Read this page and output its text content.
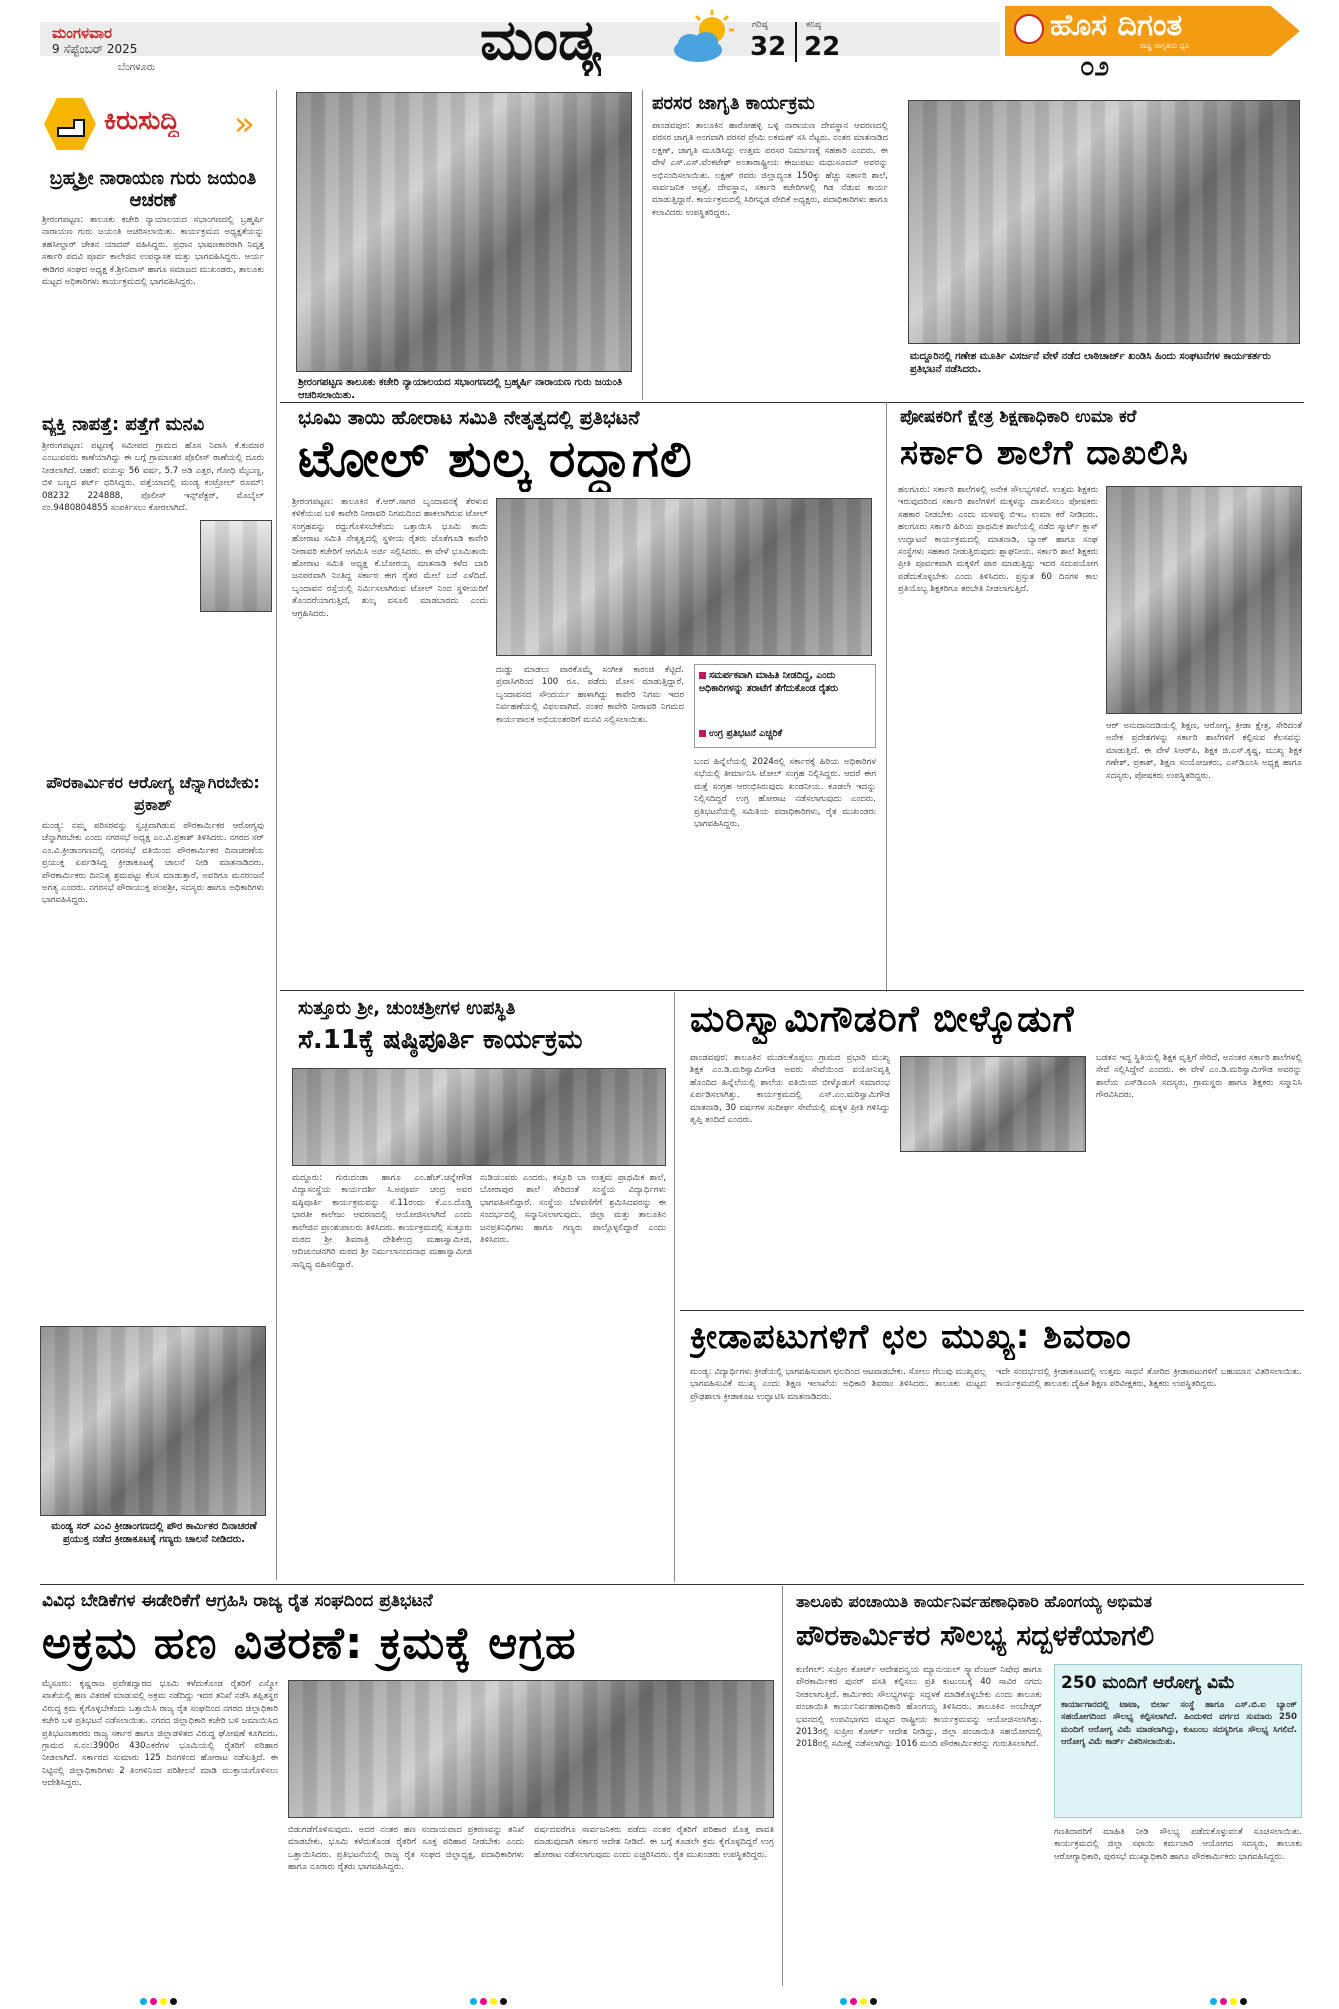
ಮಂಗಳವಾರ
9 ಸೆಪ್ಟೆಂಬರ್ 2025
ಬೆಂಗಳೂರು	ಮಂಡ್ಯ	ಗರಿಷ್ಠ
32
ಕನಿಷ್ಠ
22
ಹೊಸ ದಿಗಂತ
ರಾಷ್ಟ್ರ ಜಾಗೃತಿಯ ಧ್ವನಿ
೦೨
ಕಿರುಸುದ್ದಿ »
ಬ್ರಹ್ಮಶ್ರೀ ನಾರಾಯಣ ಗುರು ಜಯಂತಿ ಆಚರಣೆ
ಶ್ರೀರಂಗಪಟ್ಟಣ: ತಾಲೂಕು ಕಚೇರಿ ನ್ಯಾಯಾಲಯದ ಸಭಾಂಗಣದಲ್ಲಿ ಬ್ರಹ್ಮರ್ಷಿ ನಾರಾಯಣ ಗುರು ಜಯಂತಿ ಆಚರಿಸಲಾಯಿತು. ಕಾರ್ಯಕ್ರಮದ ಅಧ್ಯಕ್ಷತೆಯನ್ನು ತಹಸೀಲ್ದಾರ್ ಚೇತನ ಯಾದವ್ ವಹಿಸಿದ್ದರು. ಪ್ರಧಾನ ಭಾಷಣಕಾರರಾಗಿ ನಿವೃತ್ತ ಸರ್ಕಾರಿ ಪದವಿ ಪೂರ್ವ ಕಾಲೇಜಿನ ಉಪನ್ಯಾಸಕ ಮತ್ತು ಭಾಗವಹಿಸಿದ್ದರು. ಆರ್ಯ ಈಡಿಗರ ಸಂಘದ ಅಧ್ಯಕ್ಷ ಕೆ.ಶ್ರೀನಿವಾಸ್ ಹಾಗೂ ಸಮಾಜದ ಮುಖಂಡರು, ತಾಲೂಕು ಮಟ್ಟದ ಅಧಿಕಾರಿಗಳು ಕಾರ್ಯಕ್ರಮದಲ್ಲಿ ಭಾಗವಹಿಸಿದ್ದರು.
ವ್ಯಕ್ತಿ ನಾಪತ್ತೆ: ಪತ್ತೆಗೆ ಮನವಿ
ಶ್ರೀರಂಗಪಟ್ಟಣ: ಪಟ್ಟಣಕ್ಕೆ ಸಮೀಪದ ಗ್ರಾಮದ ಹೊಸ ನಿವಾಸಿ ಕೆ.ಕುಮಾರ ಎಂಬುವವರು ಕಾಣೆಯಾಗಿದ್ದು ಈ ಬಗ್ಗೆ ಗ್ರಾಮಾಂತರ ಪೊಲೀಸ್ ಠಾಣೆಯಲ್ಲಿ ದೂರು ನೀಡಲಾಗಿದೆ. ಚಹರೆ: ವಯಸ್ಸು 56 ವರ್ಷ, 5.7 ಅಡಿ ಎತ್ತರ, ಗೋಧಿ ಮೈಬಣ್ಣ, ಬಿಳಿ ಬಣ್ಣದ ಶರ್ಟ್ ಧರಿಸಿದ್ದರು. ಪತ್ತೆಯಾದಲ್ಲಿ ಮಂಡ್ಯ ಕಂಟ್ರೋಲ್ ರೂಮ್: 08232 224888, ಪೊಲೀಸ್ ಇನ್ಸ್‌ಪೆಕ್ಟರ್, ಮೊಬೈಲ್ ನಂ.9480804855 ಸಂಪರ್ಕಿಸಲು ಕೋರಲಾಗಿದೆ.
ಪೌರಕಾರ್ಮಿಕರ ಆರೋಗ್ಯ ಚೆನ್ನಾಗಿರಬೇಕು: ಪ್ರಕಾಶ್
ಮಂಡ್ಯ: ನಮ್ಮ ಪರಿಸರವನ್ನು ಸ್ವಚ್ಛವಾಗಿಡುವ ಪೌರಕಾರ್ಮಿಕರ ಆರೋಗ್ಯವು ಚೆನ್ನಾಗಿರಬೇಕು ಎಂದು ನಗರಸಭೆ ಅಧ್ಯಕ್ಷ ಎಂ.ವಿ.ಪ್ರಕಾಶ್ ತಿಳಿಸಿದರು. ನಗರದ ಸರ್ ಎಂ.ವಿ.ಕ್ರೀಡಾಂಗಣದಲ್ಲಿ ನಗರಸಭೆ ವತಿಯಿಂದ ಪೌರಕಾರ್ಮಿಕರ ದಿನಾಚರಣೆಯ ಪ್ರಯುಕ್ತ ಏರ್ಪಡಿಸಿದ್ದ ಕ್ರೀಡಾಕೂಟಕ್ಕೆ ಚಾಲನೆ ನೀಡಿ ಮಾತನಾಡಿದರು. ಪೌರಕಾರ್ಮಿಕರು ದಿನನಿತ್ಯ ಶ್ರಮಪಟ್ಟು ಕೆಲಸ ಮಾಡುತ್ತಾರೆ, ಅವರಿಗೂ ಮನರಂಜನೆ ಅಗತ್ಯ ಎಂದರು. ನಗರಸಭೆ ಪೌರಾಯುಕ್ತ ಪಂಪಶ್ರೀ, ಸದಸ್ಯರು ಹಾಗೂ ಅಧಿಕಾರಿಗಳು ಭಾಗವಹಿಸಿದ್ದರು.
ಮಂಡ್ಯ ಸರ್ ಎಂವಿ ಕ್ರೀಡಾಂಗಣದಲ್ಲಿ ಪೌರ ಕಾರ್ಮಿಕರ ದಿನಾಚರಣೆ ಪ್ರಯುಕ್ತ ನಡೆದ ಕ್ರೀಡಾಕೂಟಕ್ಕೆ ಗಣ್ಯರು ಚಾಲನೆ ನೀಡಿದರು.
ಶ್ರೀರಂಗಪಟ್ಟಣ ತಾಲೂಕು ಕಚೇರಿ ನ್ಯಾಯಾಲಯದ ಸಭಾಂಗಣದಲ್ಲಿ ಬ್ರಹ್ಮರ್ಷಿ ನಾರಾಯಣ ಗುರು ಜಯಂತಿ ಆಚರಿಸಲಾಯಿತು.
ಪರಸರ ಜಾಗೃತಿ ಕಾರ್ಯಕ್ರಮ
ಪಾಂಡವಪುರ: ತಾಲೂಕಿನ ಹಾರೋಹಳ್ಳಿ ಬಳ್ಳಿ ನಾರಾಯಣ ದೇವಸ್ಥಾನ ಆವರಣದಲ್ಲಿ ಪರಸರ ಜಾಗೃತಿ ಅಂಗವಾಗಿ ಪರಸರ ಪ್ರೇಮಿ ಲಕಮಣ್ ಸಸಿ ನೆಟ್ಟರು. ನಂತರ ಮಾತನಾಡಿದ ಲಕ್ಷಣ್, ಜಾಗೃತಿ ಮೂಡಿಸಿದ್ದು ಉತ್ತಮ ಪರಸರ ನಿರ್ಮಾಣಕ್ಕೆ ಸಹಕಾರಿ ಎಂದರು. ಈ ವೇಳೆ ಎಸ್.ಎಸ್.ವೆಂಕಟೇಶ್ ಅಂತಾರಾಷ್ಟ್ರೀಯ ಈಜುಪಟು ಮಧುಸೂದನ್ ಅವರನ್ನು ಅಭಿನಂದಿಸಲಾಯಿತು. ಲಕ್ಷಣ್ ರವರು ಜಿಲ್ಲಾದ್ಯಂತ 150ಕ್ಕು ಹೆಚ್ಚು ಸರ್ಕಾರಿ ಶಾಲೆ, ಸಾರ್ವಜನಿಕ ಆಸ್ಪತ್ರೆ, ದೇವಸ್ಥಾನ, ಸರ್ಕಾರಿ ಕಚೇರಿಗಳಲ್ಲಿ ಗಿಡ ನೆಡುವ ಕಾರ್ಯ ಮಾಡುತ್ತಿದ್ದಾರೆ. ಕಾರ್ಯಕ್ರಮದಲ್ಲಿ ಸಿರಿಗನ್ನಡ ವೇದಿಕೆ ಅಧ್ಯಕ್ಷರು, ಪದಾಧಿಕಾರಿಗಳು ಹಾಗೂ ಕಲಾವಿದರು ಉಪಸ್ಥಿತರಿದ್ದರು.
ಮದ್ದೂರಿನಲ್ಲಿ ಗಣೇಶ ಮೂರ್ತಿ ವಿಸರ್ಜನೆ ವೇಳೆ ನಡೆದ ಲಾಠಿಚಾರ್ಜ್ ಖಂಡಿಸಿ ಹಿಂದು ಸಂಘಟನೆಗಳ ಕಾರ್ಯಕರ್ತರು ಪ್ರತಿಭಟನೆ ನಡೆಸಿದರು.
ಭೂಮಿ ತಾಯಿ ಹೋರಾಟ ಸಮಿತಿ ನೇತೃತ್ವದಲ್ಲಿ ಪ್ರತಿಭಟನೆ
ಟೋಲ್ ಶುಲ್ಕ ರದ್ದಾಗಲಿ
ಶ್ರೀರಂಗಪಟ್ಟಣ: ತಾಲೂಕಿನ ಕೆ.ಆರ್.ಸಾಗರ ಬೃಂದಾವನಕ್ಕೆ ತೆರಳುವ ಕಳಿಕೆಯುವ ಬಳಿ ಕಾವೇರಿ ನೀರಾವರಿ ನಿಗಮದಿಂದ ಹಾಕಲಾಗಿರುವ ಟೋಲ್ ಸಂಗ್ರಹವನ್ನು ರದ್ದುಗೊಳಿಸಬೇಕೆಂದು ಒತ್ತಾಯಿಸಿ ಭೂಮಿ ತಾಯಿ ಹೋರಾಟ ಸಮಿತಿ ನೇತೃತ್ವದಲ್ಲಿ ಸ್ಥಳೀಯ ರೈತರು ಜೊತೆಗೂಡಿ ಕಾವೇರಿ ನೀರಾವರಿ ಕಚೇರಿಗೆ ಆಗಮಿಸಿ ಅರ್ಜಿ ಸಲ್ಲಿಸಿದರು. ಈ ವೇಳೆ ಭೂಮಿತಾಯಿ ಹೋರಾಟ ಸಮಿತಿ ಅಧ್ಯಕ್ಷ ಕೆ.ಬೋರಯ್ಯ ಮಾತನಾಡಿ ಕಳೆದ ಬಾರಿ ಜನಪರವಾಗಿ ನಿಂತಿದ್ದ ಸರ್ಕಾರ ಈಗ ರೈತರ ಮೇಲೆ ಬರೆ ಎಳೆದಿದೆ. ಬೃಂದಾವನ ರಸ್ತೆಯಲ್ಲಿ ನಿರ್ಮಿಸಲಾಗಿರುವ ಟೋಲ್ ನಿಂದ ಸ್ಥಳೀಯರಿಗೆ ತೊಂದರೆಯಾಗುತ್ತಿದೆ, ಶುಲ್ಕ ವಸೂಲಿ ಮಾಡಬಾರದು ಎಂದು ಆಗ್ರಹಿಸಿದರು.
ದುಡ್ಡು ಮಾಡಲು ವಾರಕೊಮ್ಮೆ ಸಂಗೀತ ಕಾರಂಜಿ ಕೆಟ್ಟಿದೆ. ಪ್ರವಾಸಿಗರಿಂದ 100 ರೂ. ಪಡೆದು ಮೋಸ ಮಾಡುತ್ತಿದ್ದಾರೆ. ಬೃಂದಾವನದ ಸೌಂದರ್ಯ ಹಾಳಾಗಿದ್ದು ಕಾವೇರಿ ನಿಗಮ ಇದರ ನಿರ್ವಹಣೆಯಲ್ಲಿ ವಿಫಲವಾಗಿದೆ. ನಂತರ ಕಾವೇರಿ ನೀರಾವರಿ ನಿಗಮದ ಕಾರ್ಯಪಾಲಕ ಅಭಿಯಂತರರಿಗೆ ಮನವಿ ಸಲ್ಲಿಸಲಾಯಿತು.
ಸಮರ್ಪಕವಾಗಿ ಮಾಹಿತಿ ನೀಡದಿದ್ದ, ಎಂದು ಅಧಿಕಾರಿಗಳನ್ನು ತರಾಟೆಗೆ ತೆಗೆದುಕೊಂಡ ರೈತರು
ಉಗ್ರ ಪ್ರತಿಭಟನೆ ಎಚ್ಚರಿಕೆ
ಬಂದ ಹಿನ್ನೆಲೆಯಲ್ಲಿ 2024ರಲ್ಲಿ ಸರ್ಕಾರಕ್ಕೆ ಹಿರಿಯ ಅಧಿಕಾರಿಗಳ ಸಭೆಯಲ್ಲಿ ತೀರ್ಮಾನಿಸಿ ಟೋಲ್ ಸಂಗ್ರಹ ನಿಲ್ಲಿಸಿದ್ದರು. ಆದರೆ ಈಗ ಮತ್ತೆ ಸಂಗ್ರಹ ಆರಂಭಿಸಿರುವುದು ಖಂಡನೀಯ. ಕೂಡಲೇ ಇದನ್ನು ನಿಲ್ಲಿಸದಿದ್ದರೆ ಉಗ್ರ ಹೋರಾಟ ನಡೆಸಲಾಗುವುದು ಎಂದರು. ಪ್ರತಿಭಟನೆಯಲ್ಲಿ ಸಮಿತಿಯ ಪದಾಧಿಕಾರಿಗಳು, ರೈತ ಮುಖಂಡರು ಭಾಗವಹಿಸಿದ್ದರು.
ಪೋಷಕರಿಗೆ ಕ್ಷೇತ್ರ ಶಿಕ್ಷಣಾಧಿಕಾರಿ ಉಮಾ ಕರೆ
ಸರ್ಕಾರಿ ಶಾಲೆಗೆ ದಾಖಲಿಸಿ
ಹಲಗೂರು: ಸರ್ಕಾರಿ ಶಾಲೆಗಳಲ್ಲಿ ಅನೇಕ ಸೌಲಭ್ಯಗಳಿವೆ. ಉತ್ತಮ ಶಿಕ್ಷಕರು ಇರುವುದರಿಂದ ಸರ್ಕಾರಿ ಶಾಲೆಗಳಿಗೆ ಮಕ್ಕಳನ್ನು ದಾಖಲಿಸಲು ಪೋಷಕರು ಸಹಕಾರ ನೀಡಬೇಕು ಎಂದು ಮಳವಳ್ಳಿ ಬಿಇಒ ಉಮಾ ಕರೆ ನೀಡಿದರು. ಹಲಗೂರು ಸರ್ಕಾರಿ ಹಿರಿಯ ಪ್ರಾಥಮಿಕ ಶಾಲೆಯಲ್ಲಿ ನಡೆದ ಸ್ಮಾರ್ಟ್ ಕ್ಲಾಸ್ ಉದ್ಘಾಟನೆ ಕಾರ್ಯಕ್ರಮದಲ್ಲಿ ಮಾತನಾಡಿ, ಬ್ಯಾಂಕ್ ಹಾಗೂ ಸಂಘ ಸಂಸ್ಥೆಗಳು ಸಹಕಾರ ನೀಡುತ್ತಿರುವುದು ಶ್ಲಾಘನೀಯ. ಸರ್ಕಾರಿ ಶಾಲೆ ಶಿಕ್ಷಕರು ಪ್ರೀತಿ ಪೂರ್ವಕವಾಗಿ ಮಕ್ಕಳಿಗೆ ಪಾಠ ಮಾಡುತ್ತಿದ್ದು ಇದರ ಸದುಪಯೋಗ ಪಡೆದುಕೊಳ್ಳಬೇಕು ಎಂದು ತಿಳಿಸಿದರು. ಪ್ರಸ್ತುತ 60 ದಿನಗಳ ಕಾಲ ಪ್ರತಿಯೊಬ್ಬ ಶಿಕ್ಷಕರಿಗೂ ತರಬೇತಿ ನೀಡಲಾಗುತ್ತಿದೆ.
ಆರ್ ಅನುದಾನದಡಿಯಲ್ಲಿ ಶಿಕ್ಷಣ, ಆರೋಗ್ಯ, ಕ್ರೀಡಾ ಕ್ಷೇತ್ರ, ಸೇರಿದಂತೆ ಅನೇಕ ಪ್ರದೇಶಗಳನ್ನು ಸರ್ಕಾರಿ ಶಾಲೆಗಳಿಗೆ ಕಲ್ಪಿಸುವ ಕೆಲಸವನ್ನು ಮಾಡುತ್ತಿದೆ. ಈ ವೇಳೆ ಸಿಆರ್‌ಪಿ, ಶಿಕ್ಷಕ ಜಿ.ಎಸ್.ಕೃಷ್ಣ, ಮುಖ್ಯ ಶಿಕ್ಷಕ ಗಣೇಶ್, ಪ್ರಕಾಶ್, ಶಿಕ್ಷಣ ಸಂಯೋಜಕರು, ಎಸ್‌ಡಿಎಂಸಿ ಅಧ್ಯಕ್ಷ ಹಾಗೂ ಸದಸ್ಯರು, ಪೋಷಕರು ಉಪಸ್ಥಿತರಿದ್ದರು.
ಸುತ್ತೂರು ಶ್ರೀ, ಚುಂಚಶ್ರೀಗಳ ಉಪಸ್ಥಿತಿ
ಸೆ.11ಕ್ಕೆ ಷಷ್ಠಿಪೂರ್ತಿ ಕಾರ್ಯಕ್ರಮ
ಮದ್ದೂರು: ಗುರುದಂಡಾ ಹಾಗೂ ಎಂ.ಹೆಚ್.ಚನ್ನೇಗೌಡ ವಿದ್ಯಾಸಂಸ್ಥೆಯ ಕಾರ್ಯದರ್ಶಿ ಸಿ.ಅಪೂರ್ವ ಚಂದ್ರ ಅವರ ಷಷ್ಠಿಪೂರ್ತಿ ಕಾರ್ಯಕ್ರಮವನ್ನು ಸೆ.11ರಂದು ಕೆ.ಎಂ.ದೊಡ್ಡಿ ಭಾರತೀ ಕಾಲೇಜು ಆವರಣದಲ್ಲಿ ಆಯೋಜಿಸಲಾಗಿದೆ ಎಂದು ಕಾಲೇಜಿನ ಪ್ರಾಂಶುಪಾಲರು ತಿಳಿಸಿದರು. ಕಾರ್ಯಕ್ರಮದಲ್ಲಿ ಸುತ್ತೂರು ಮಠದ ಶ್ರೀ ಶಿವರಾತ್ರಿ ದೇಶಿಕೇಂದ್ರ ಮಹಾಸ್ವಾಮೀಜಿ, ಆದಿಚುಂಚನಗಿರಿ ಮಠದ ಶ್ರೀ ನಿರ್ಮಲಾನಂದನಾಥ ಮಹಾಸ್ವಾಮೀಜಿ ಸಾನ್ನಿಧ್ಯ ವಹಿಸಲಿದ್ದಾರೆ.
ನುಡಿಯುವರು ಎಂದರು. ಕಸ್ತೂರಿ ಬಾ ಉತ್ತಮ ಪ್ರಾಥಮಿಕ ಶಾಲೆ, ಬೋರಾಪುರ ಶಾಲೆ ಸೇರಿದಂತೆ ಸಂಸ್ಥೆಯ ವಿದ್ಯಾರ್ಥಿಗಳು ಭಾಗವಹಿಸಲಿದ್ದಾರೆ. ಸಂಸ್ಥೆಯ ಬೆಳವಣಿಗೆಗೆ ಶ್ರಮಿಸಿದವರನ್ನು ಈ ಸಂದರ್ಭದಲ್ಲಿ ಸನ್ಮಾನಿಸಲಾಗುವುದು. ಜಿಲ್ಲಾ ಮತ್ತು ತಾಲೂಕಿನ ಜನಪ್ರತಿನಿಧಿಗಳು ಹಾಗೂ ಗಣ್ಯರು ಪಾಲ್ಗೊಳ್ಳಲಿದ್ದಾರೆ ಎಂದು ತಿಳಿಸಿದರು.
ಮರಿಸ್ವಾಮಿಗೌಡರಿಗೆ ಬೀಳ್ಕೊಡುಗೆ
ಪಾಂಡವಪುರ: ತಾಲೂಕಿನ ಮುಡಲಕೊಪ್ಪಲು ಗ್ರಾಮದ ಪ್ರಭಾರಿ ಮುಖ್ಯ ಶಿಕ್ಷಕ ಎಂ.ಡಿ.ಮರಿಸ್ವಾಮಿಗೌಡ ಅವರು ಸೇವೆಯಿಂದ ವಯೋನಿವೃತ್ತಿ ಹೊಂದಿದ ಹಿನ್ನೆಲೆಯಲ್ಲಿ ಶಾಲೆಯ ವತಿಯಿಂದ ಬೀಳ್ಕೊಡುಗೆ ಸಮಾರಂಭ ಏರ್ಪಡಿಸಲಾಗಿತ್ತು. ಕಾರ್ಯಕ್ರಮದಲ್ಲಿ ಎಸ್.ಎಂ.ಮರಿಸ್ವಾಮಿಗೌಡ ಮಾತನಾಡಿ, 30 ವರ್ಷಗಳ ಸುದೀರ್ಘ ಸೇವೆಯಲ್ಲಿ ಮಕ್ಕಳ ಪ್ರೀತಿ ಗಳಿಸಿದ್ದು ತೃಪ್ತಿ ತಂದಿದೆ ಎಂದರು.
ಬಡತನ ಇದ್ದ ಸ್ಥಿತಿಯಲ್ಲಿ ಶಿಕ್ಷಕ ವೃತ್ತಿಗೆ ಸೇರಿದೆ, ಅನಂತರ ಸರ್ಕಾರಿ ಶಾಲೆಗಳಲ್ಲಿ ಸೇವೆ ಸಲ್ಲಿಸಿದ್ದೇನೆ ಎಂದರು. ಈ ವೇಳೆ ಎಂ.ಡಿ.ಮರಿಸ್ವಾಮಿಗೌಡ ಅವರನ್ನು ಶಾಲೆಯ ಎಸ್‌ಡಿಎಂಸಿ ಸದಸ್ಯರು, ಗ್ರಾಮಸ್ಥರು ಹಾಗೂ ಶಿಕ್ಷಕರು ಸನ್ಮಾನಿಸಿ ಗೌರವಿಸಿದರು.
ಕ್ರೀಡಾಪಟುಗಳಿಗೆ ಛಲ ಮುಖ್ಯ: ಶಿವರಾಂ
ಮಂಡ್ಯ: ವಿದ್ಯಾರ್ಥಿಗಳು ಕ್ರೀಡೆಯಲ್ಲಿ ಭಾಗವಹಿಸುವಾಗ ಛಲದಿಂದ ಆಟವಾಡಬೇಕು. ಸೋಲು ಗೆಲುವು ಮುಖ್ಯವಲ್ಲ ಭಾಗವಹಿಸುವಿಕೆ ಮುಖ್ಯ ಎಂದು ಶಿಕ್ಷಣ ಇಲಾಖೆಯ ಅಧಿಕಾರಿ ಶಿವರಾಂ ತಿಳಿಸಿದರು. ತಾಲೂಕು ಮಟ್ಟದ ಪ್ರೌಢಶಾಲಾ ಕ್ರೀಡಾಕೂಟ ಉದ್ಘಾಟಿಸಿ ಮಾತನಾಡಿದರು.
ಇದೇ ಸಂದರ್ಭದಲ್ಲಿ ಕ್ರೀಡಾಕೂಟದಲ್ಲಿ ಉತ್ತಮ ಸಾಧನೆ ತೋರಿದ ಕ್ರೀಡಾಪಟುಗಳಿಗೆ ಬಹುಮಾನ ವಿತರಿಸಲಾಯಿತು. ಕಾರ್ಯಕ್ರಮದಲ್ಲಿ ತಾಲೂಕು ದೈಹಿಕ ಶಿಕ್ಷಣ ಪರಿವೀಕ್ಷಕರು, ಶಿಕ್ಷಕರು ಉಪಸ್ಥಿತರಿದ್ದರು.
ವಿವಿಧ ಬೇಡಿಕೆಗಳ ಈಡೇರಿಕೆಗೆ ಆಗ್ರಹಿಸಿ ರಾಜ್ಯ ರೈತ ಸಂಘದಿಂದ ಪ್ರತಿಭಟನೆ
ಅಕ್ರಮ ಹಣ ವಿತರಣೆ: ಕ್ರಮಕ್ಕೆ ಆಗ್ರಹ
ಮೈಸೂರು: ಕೃಷ್ಣರಾಜ ಪ್ರವೇಶದ್ವಾರದ ಭೂಮಿ ಕಳೆದುಕೊಂಡ ರೈತರಿಗೆ ಎಸ್ಕ್ರೋ ಖಾತೆಯಲ್ಲಿ ಹಣ ವಿತರಣೆ ಮಾಡುವಲ್ಲಿ ಅಕ್ರಮ ನಡೆದಿದ್ದು ಇದರ ತನಿಖೆ ನಡೆಸಿ ತಪ್ಪಿತಸ್ಥರ ವಿರುದ್ಧ ಕ್ರಮ ಕೈಗೊಳ್ಳಬೇಕೆಂದು ಒತ್ತಾಯಿಸಿ ರಾಜ್ಯ ರೈತ ಸಂಘದಿಂದ ನಗರದ ಜಿಲ್ಲಾಧಿಕಾರಿ ಕಚೇರಿ ಬಳಿ ಪ್ರತಿಭಟನೆ ನಡೆಸಲಾಯಿತು. ನಗರದ ಜಿಲ್ಲಾಧಿಕಾರಿ ಕಚೇರಿ ಬಳಿ ಜಮಾಯಿಸಿದ ಪ್ರತಿಭಟನಾಕಾರರು ರಾಜ್ಯ ಸರ್ಕಾರ ಹಾಗೂ ಜಿಲ್ಲಾಡಳಿತದ ವಿರುದ್ಧ ಘೋಷಣೆ ಕೂಗಿದರು. ಗ್ರಾಮದ ಸ.ನಂ:3900ರ 430ಎಕರೆಗಳ ಭೂಮಿಯಲ್ಲಿ ರೈತರಿಗೆ ಪರಿಹಾರ ನೀಡಲಾಗಿದೆ. ಸರ್ಕಾರದ ಸುಮಾರು 125 ದಿನಗಳಿಂದ ಹೋರಾಟ ನಡೆಸುತ್ತಿದೆ. ಈ ನಿಟ್ಟಿನಲ್ಲಿ ಜಿಲ್ಲಾಧಿಕಾರಿಗಳು 2 ತಿಂಗಳಿನಿಂದ ಪರಿಶೀಲನೆ ಮಾಡಿ ಮುಕ್ತಾಯಗೊಳಿಸಲು ಆದೇಶಿಸಿದ್ದರು.
ಬಿಡುಗಡೆಗೊಳಿಸುವುದು. ಅದರ ನಂತರ ಹಣ ಸಂದಾಯವಾದ ಪ್ರಕರಣವನ್ನು ತನಿಖೆ ಮಾಡಬೇಕು. ಭೂಮಿ ಕಳೆದುಕೊಂಡ ರೈತರಿಗೆ ಸೂಕ್ತ ಪರಿಹಾರ ನೀಡಬೇಕು ಎಂದು ಒತ್ತಾಯಿಸಿದರು. ಪ್ರತಿಭಟನೆಯಲ್ಲಿ ರಾಜ್ಯ ರೈತ ಸಂಘದ ಜಿಲ್ಲಾಧ್ಯಕ್ಷ, ಪದಾಧಿಕಾರಿಗಳು ಹಾಗೂ ನೂರಾರು ರೈತರು ಭಾಗವಹಿಸಿದ್ದರು.
ವರ್ಷದವರೆಗೂ ಸಾರ್ವಜನಿಕರು ಪಡೆದು ನಂತರ ರೈತರಿಗೆ ಪರಿಹಾರ ಮೊತ್ತ ಪಾವತಿ ಮಾಡುವುದಾಗಿ ಸರ್ಕಾರ ಆದೇಶ ನೀಡಿದೆ. ಈ ಬಗ್ಗೆ ಕೂಡಲೇ ಕ್ರಮ ಕೈಗೊಳ್ಳದಿದ್ದರೆ ಉಗ್ರ ಹೋರಾಟ ನಡೆಸಲಾಗುವುದು ಎಂದು ಎಚ್ಚರಿಸಿದರು. ರೈತ ಮುಖಂಡರು ಉಪಸ್ಥಿತರಿದ್ದರು.
ತಾಲೂಕು ಪಂಚಾಯಿತಿ ಕಾರ್ಯನಿರ್ವಹಣಾಧಿಕಾರಿ ಹೊಂಗಯ್ಯ ಅಭಿಮತ
ಪೌರಕಾರ್ಮಿಕರ ಸೌಲಭ್ಯ ಸದ್ಬಳಕೆಯಾಗಲಿ
ಕುಣಿಗಲ್: ಸುಪ್ರೀಂ ಕೋರ್ಟ್ ಆದೇಶದನ್ವಯ ಮ್ಯಾನುಯಲ್ ಸ್ಕ್ಯಾವೆಂಜರ್ ನಿಷೇಧ ಹಾಗೂ ಪೌರಕಾರ್ಮಿಕರ ಪುನರ್ ವಸತಿ ಕಲ್ಪಿಸಲು ಪ್ರತಿ ಕುಟುಂಬಕ್ಕೆ 40 ಸಾವಿರ ನಗದು ನೀಡಲಾಗುತ್ತಿದೆ. ಕಾರ್ಮಿಕರು ಸೌಲಭ್ಯಗಳನ್ನು ಸದ್ಬಳಕೆ ಮಾಡಿಕೊಳ್ಳಬೇಕು ಎಂದು ತಾಲೂಕು ಪಂಚಾಯಿತಿ ಕಾರ್ಯನಿರ್ವಹಣಾಧಿಕಾರಿ ಹೊಂಗಯ್ಯ ತಿಳಿಸಿದರು. ತಾಲೂಕಿನ ಅಂಬೇಡ್ಕರ್ ಭವನದಲ್ಲಿ ಉಪವಿಭಾಗದ ಮಟ್ಟದ ರಾಷ್ಟ್ರೀಯ ಕಾರ್ಯಕ್ರಮವನ್ನು ಆಯೋಜಿಸಲಾಗಿತ್ತು. 2013ರಲ್ಲಿ ಸುಪ್ರೀಂ ಕೋರ್ಟ್ ಆದೇಶ ನೀಡಿದ್ದು, ಜಿಲ್ಲಾ ಪಂಚಾಯಿತಿ ಸಹಯೋಗದಲ್ಲಿ 2018ರಲ್ಲಿ ಸಮೀಕ್ಷೆ ನಡೆಸಲಾಗಿದ್ದು 1016 ಮಂದಿ ಪೌರಕಾರ್ಮಿಕರನ್ನು ಗುರುತಿಸಲಾಗಿದೆ.
250 ಮಂದಿಗೆ ಆರೋಗ್ಯ ವಿಮೆ
ಕಾರ್ಯಾಗಾರದಲ್ಲಿ ಟಾಟಾ, ಬಿರ್ಲಾ ಸಂಸ್ಥೆ ಹಾಗೂ ಎಸ್.ಬಿ.ಐ ಬ್ಯಾಂಕ್ ಸಹಯೋಗದಿಂದ ಸೌಲಭ್ಯ ಕಲ್ಪಿಸಲಾಗಿದೆ. ಹಿಂದುಳಿದ ವರ್ಗದ ಸುಮಾರು 250 ಮಂದಿಗೆ ಆರೋಗ್ಯ ವಿಮೆ ಮಾಡಲಾಗಿದ್ದು, ಕುಟುಂಬ ಸದಸ್ಯರಿಗೂ ಸೌಲಭ್ಯ ಸಿಗಲಿದೆ. ಆರೋಗ್ಯ ವಿಮೆ ಕಾರ್ಡ್ ವಿತರಿಸಲಾಯಿತು.
ಗಣತಿದಾರರಿಗೆ ಮಾಹಿತಿ ನೀಡಿ ಸೌಲಭ್ಯ ಪಡೆದುಕೊಳ್ಳುವಂತೆ ಸೂಚಿಸಲಾಯಿತು. ಕಾರ್ಯಕ್ರಮದಲ್ಲಿ ಜಿಲ್ಲಾ ಸಫಾಯಿ ಕರ್ಮಚಾರಿ ಆಯೋಗದ ಸದಸ್ಯರು, ತಾಲೂಕು ಆರೋಗ್ಯಾಧಿಕಾರಿ, ಪುರಸಭೆ ಮುಖ್ಯಾಧಿಕಾರಿ ಹಾಗೂ ಪೌರಕಾರ್ಮಿಕರು ಭಾಗವಹಿಸಿದ್ದರು.
